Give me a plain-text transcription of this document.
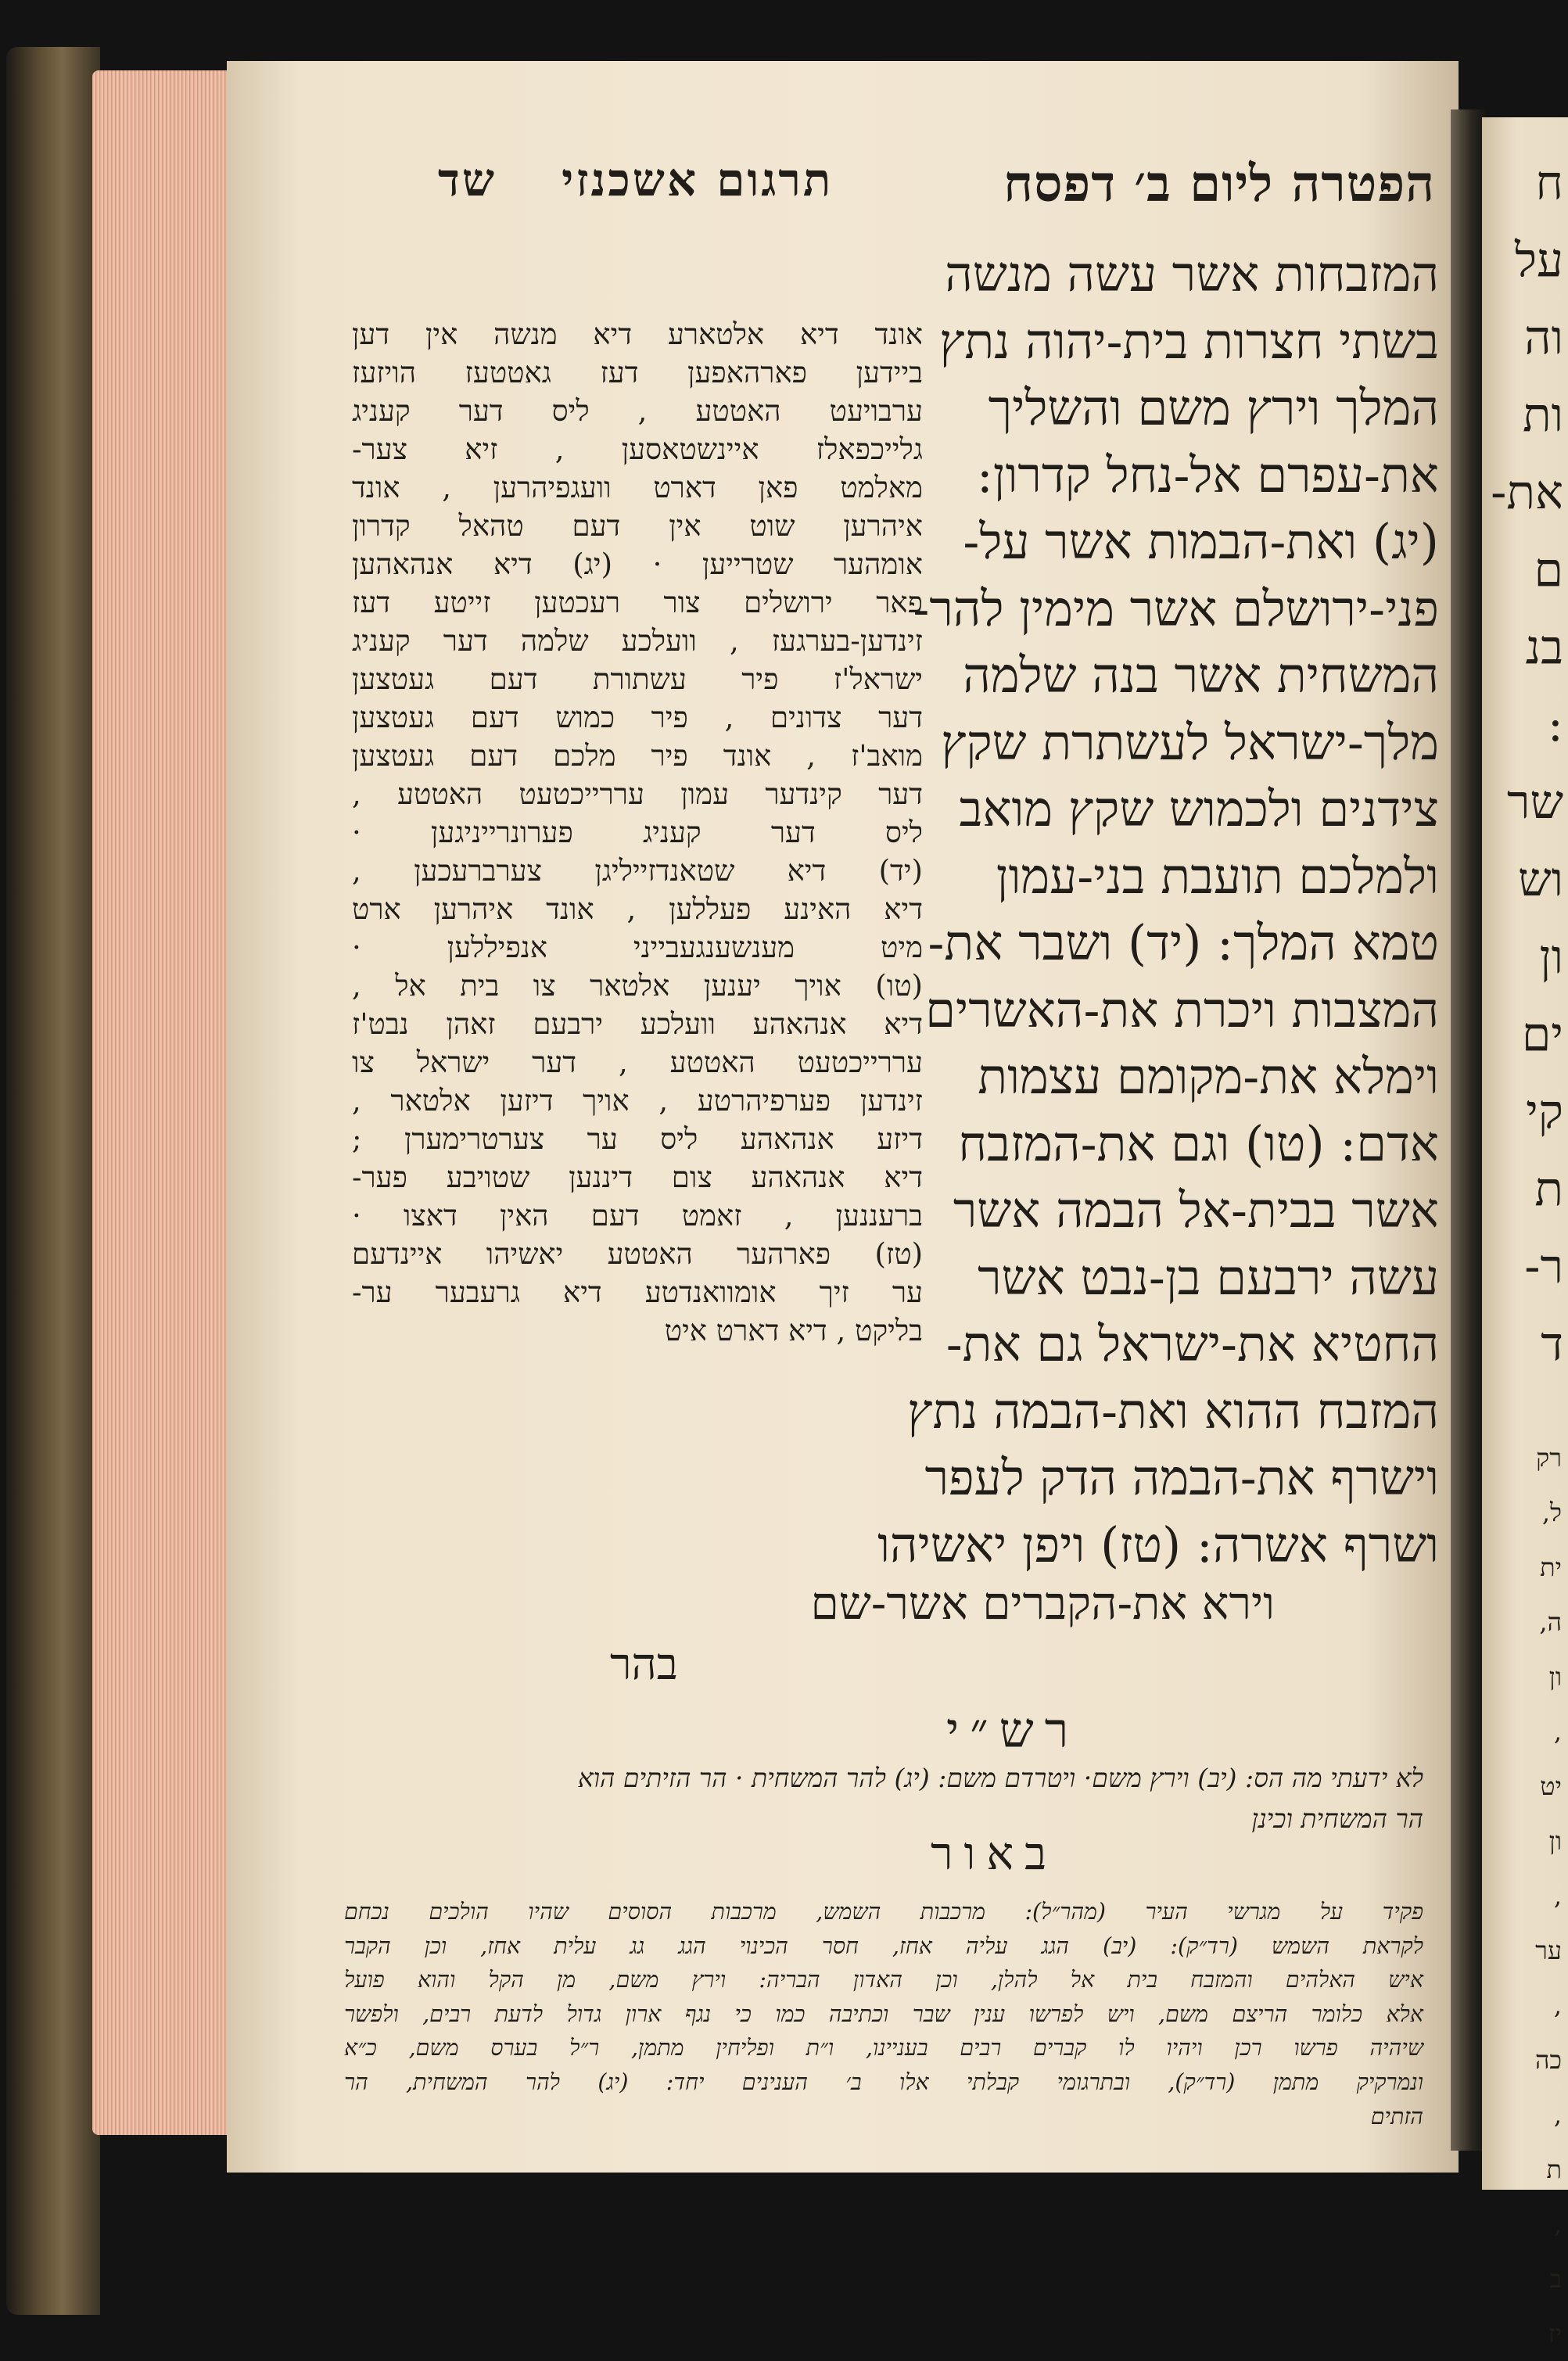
הפטרה ליום ב׳ דפסח
תרגום אשכנזי שד
המזבחות אשר עשה מנשה
בשתי חצרות בית-יהוה נתץ
המלך וירץ משם והשליך
את-עפרם אל-נחל קדרון:
(יג) ואת-הבמות אשר על-
פני-ירושלם אשר מימין להר-
המשחית אשר בנה שלמה
מלך-ישראל לעשתרת שקץ
צידנים ולכמוש שקץ מואב
ולמלכם תועבת בני-עמון
טמא המלך: (יד) ושבר את-
המצבות ויכרת את-האשרים
וימלא את-מקומם עצמות
אדם: (טו) וגם את-המזבח
אשר בבית-אל הבמה אשר
עשה ירבעם בן-נבט אשר
החטיא את-ישראל גם את-
המזבח ההוא ואת-הבמה נתץ
וישרף את-הבמה הדק לעפר
ושרף אשרה: (טז) ויפן יאשיהו
אונד דיא אלטארע דיא מנשה אין דען
ביידען פארהאפען דעז גאטטעז הויזעז
ערבויעט האטטע , ליס דער קעניג
גלייכפאלז איינשטאסען , זיא צער-
מאלמט פאן דארט וועגפיהרען , אונד
איהרען שוט אין דעם טהאל קדרון
אומהער שטרייען · (יג) דיא אנהאהען
פאר ירושלים צור רעכטען זייטע דעז
זינדען-בערגעז , וועלכע שלמה דער קעניג
ישראל'ז פיר עשתורת דעם געטצען
דער צדונים , פיר כמוש דעם געטצען
מואב'ז , אונד פיר מלכם דעם געטצען
דער קינדער עמון עררייכטעט האטטע ,
ליס דער קעניג פערונרייניגען ·
(יד) דיא שטאנדזייליגן צערברעכען ,
דיא האינע פעללען , אונד איהרען ארט
מיט מענשענגעבייני אנפיללען ·
(טו) אויך יענען אלטאר צו בית אל ,
דיא אנהאהע וועלכע ירבעם זאהן נבט'ז
עררייכטעט האטטע , דער ישראל צו
זינדען פערפיהרטע , אויך דיזען אלטאר ,
דיזע אנהאהע ליס ער צערטרימערן ;
דיא אנהאהע צום דיננען שטויבע פער-
ברעננען , זאמט דעם האין דאצו ·
(טז) פארהער האטטע יאשיהו איינדעם
ער זיך אומוואנדטע דיא גרעבער ער-
בליקט , דיא דארט איט
וירא את-הקברים אשר-שם
בהר
רש״י
לא ידעתי מה הס: (יב) וירץ משם· ויטרדם משם: (יג) להר המשחית · הר הזיתים הוא
הר המשחית וכינן
באור
פקיד על מגרשי העיר (מהר״ל): מרכבות השמש, מרכבות הסוסים שהיו הולכים נכחם
לקראת השמש (רד״ק): (יב) הגג עליה אחז, חסר הכינוי הגג גג עלית אחז, וכן הקבר
איש האלהים והמזבח בית אל להלן, וכן האדון הבריה: וירץ משם, מן הקל והוא פועל
אלא כלומר הריצם משם, ויש לפרשו ענין שבר וכתיבה כמו כי נגף ארון גדול לדעת רבים, ולפשר
שיהיה פרשו רכן ויהיו לו קברים רבים בעניינו, ו״ת ופליחין מתמן, ר״ל בערס משם, כ״א
ונמרקיק מתמן (רד״ק), ובתרגומי קבלתי אלו ב׳ הענינים יחד: (יג) להר המשחית, הר
הזתים
ח
על
וה
ות
את-
ם
בנ
:
שר
וש
ון
ים
קי
ת
ר-
ד
רק
ל,
ית
ה,
ון
,
יט
ון
,
ער
,
כה
,
ת
,
ב
יז
